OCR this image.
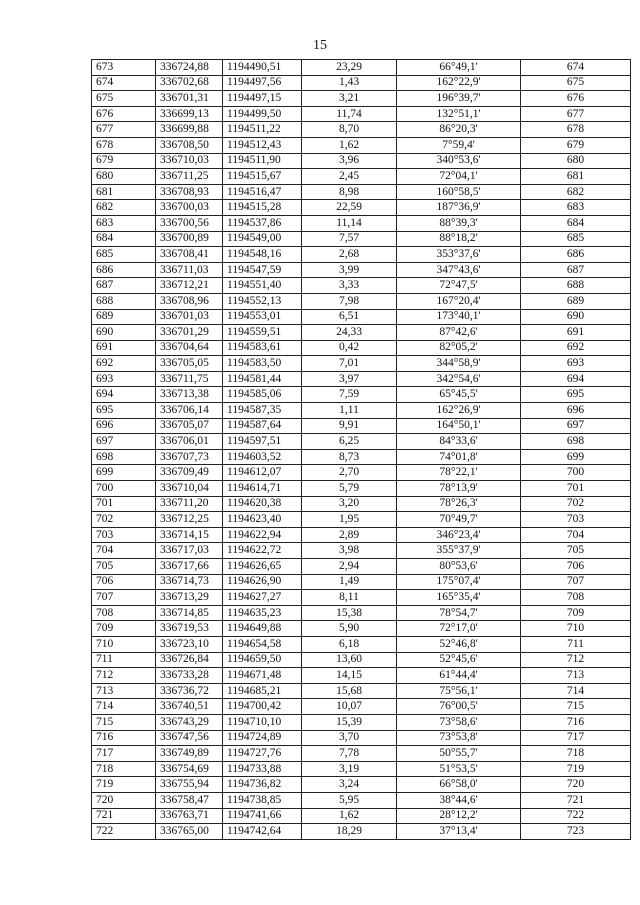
15
673	336724,88	1194490,51	23,29	66°49,1'	674
674	336702,68	1194497,56	1,43	162°22,9'	675
675	336701,31	1194497,15	3,21	196°39,7'	676
676	336699,13	1194499,50	11,74	132°51,1'	677
677	336699,88	1194511,22	8,70	86°20,3'	678
678	336708,50	1194512,43	1,62	7°59,4'	679
679	336710,03	1194511,90	3,96	340°53,6'	680
680	336711,25	1194515,67	2,45	72°04,1'	681
681	336708,93	1194516,47	8,98	160°58,5'	682
682	336700,03	1194515,28	22,59	187°36,9'	683
683	336700,56	1194537,86	11,14	88°39,3'	684
684	336700,89	1194549,00	7,57	88°18,2'	685
685	336708,41	1194548,16	2,68	353°37,6'	686
686	336711,03	1194547,59	3,99	347°43,6'	687
687	336712,21	1194551,40	3,33	72°47,5'	688
688	336708,96	1194552,13	7,98	167°20,4'	689
689	336701,03	1194553,01	6,51	173°40,1'	690
690	336701,29	1194559,51	24,33	87°42,6'	691
691	336704,64	1194583,61	0,42	82°05,2'	692
692	336705,05	1194583,50	7,01	344°58,9'	693
693	336711,75	1194581,44	3,97	342°54,6'	694
694	336713,38	1194585,06	7,59	65°45,5'	695
695	336706,14	1194587,35	1,11	162°26,9'	696
696	336705,07	1194587,64	9,91	164°50,1'	697
697	336706,01	1194597,51	6,25	84°33,6'	698
698	336707,73	1194603,52	8,73	74°01,8'	699
699	336709,49	1194612,07	2,70	78°22,1'	700
700	336710,04	1194614,71	5,79	78°13,9'	701
701	336711,20	1194620,38	3,20	78°26,3'	702
702	336712,25	1194623,40	1,95	70°49,7'	703
703	336714,15	1194622,94	2,89	346°23,4'	704
704	336717,03	1194622,72	3,98	355°37,9'	705
705	336717,66	1194626,65	2,94	80°53,6'	706
706	336714,73	1194626,90	1,49	175°07,4'	707
707	336713,29	1194627,27	8,11	165°35,4'	708
708	336714,85	1194635,23	15,38	78°54,7'	709
709	336719,53	1194649,88	5,90	72°17,0'	710
710	336723,10	1194654,58	6,18	52°46,8'	711
711	336726,84	1194659,50	13,60	52°45,6'	712
712	336733,28	1194671,48	14,15	61°44,4'	713
713	336736,72	1194685,21	15,68	75°56,1'	714
714	336740,51	1194700,42	10,07	76°00,5'	715
715	336743,29	1194710,10	15,39	73°58,6'	716
716	336747,56	1194724,89	3,70	73°53,8'	717
717	336749,89	1194727,76	7,78	50°55,7'	718
718	336754,69	1194733,88	3,19	51°53,5'	719
719	336755,94	1194736,82	3,24	66°58,0'	720
720	336758,47	1194738,85	5,95	38°44,6'	721
721	336763,71	1194741,66	1,62	28°12,2'	722
722	336765,00	1194742,64	18,29	37°13,4'	723
